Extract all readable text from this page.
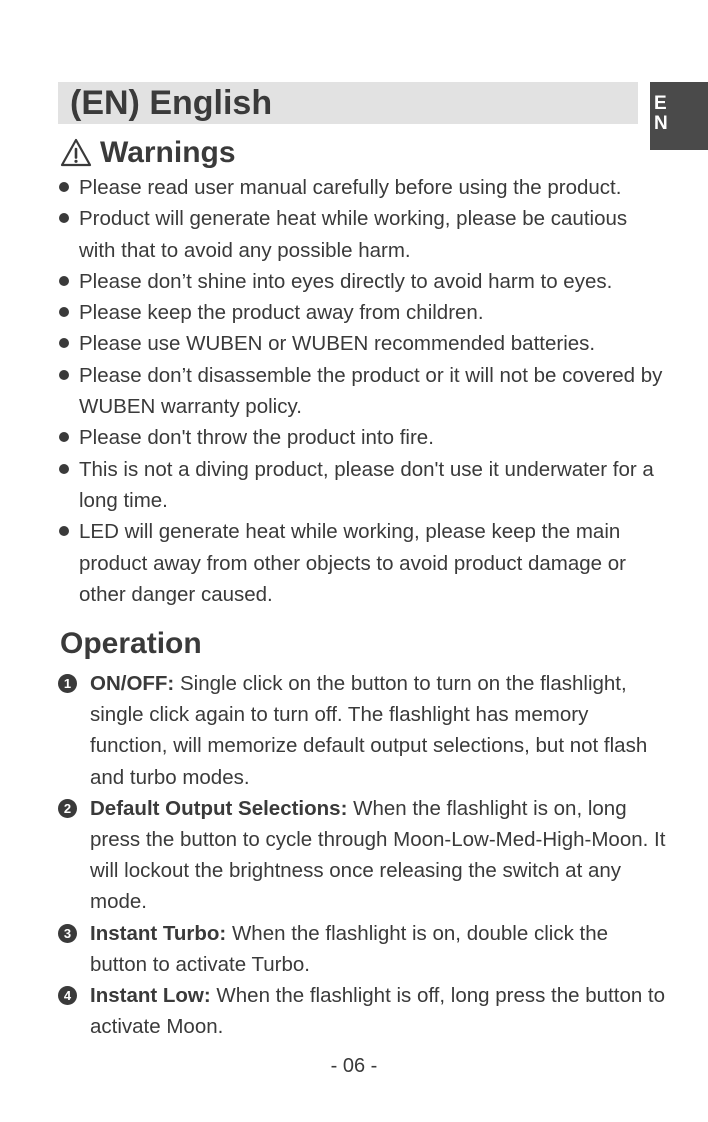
(EN) English	E
N
Warnings
Please read user manual carefully before using the product.
Product will generate heat while working, please be cautious with that to avoid any possible harm.
Please don’t shine into eyes directly to avoid harm to eyes.
Please keep the product away from children.
Please use WUBEN or WUBEN recommended batteries.
Please don’t disassemble the product or it will not be covered by WUBEN warranty policy.
Please don't throw the product into fire.
This is not a diving product, please don't use it underwater for a long time.
LED will generate heat while working, please keep the main product away from other objects to avoid product damage or other danger caused.
Operation
1 ON/OFF: Single click on the button to turn on the flashlight, single click again to turn off. The flashlight has memory function, will memorize default output selections, but not flash and turbo modes.
2 Default Output Selections: When the flashlight is on, long press the button to cycle through Moon-Low-Med-High-Moon. It will lockout the brightness once releasing the switch at any mode.
3 Instant Turbo: When the flashlight is on, double click the button to activate Turbo.
4 Instant Low: When the flashlight is off, long press the button to activate Moon.
- 06 -
